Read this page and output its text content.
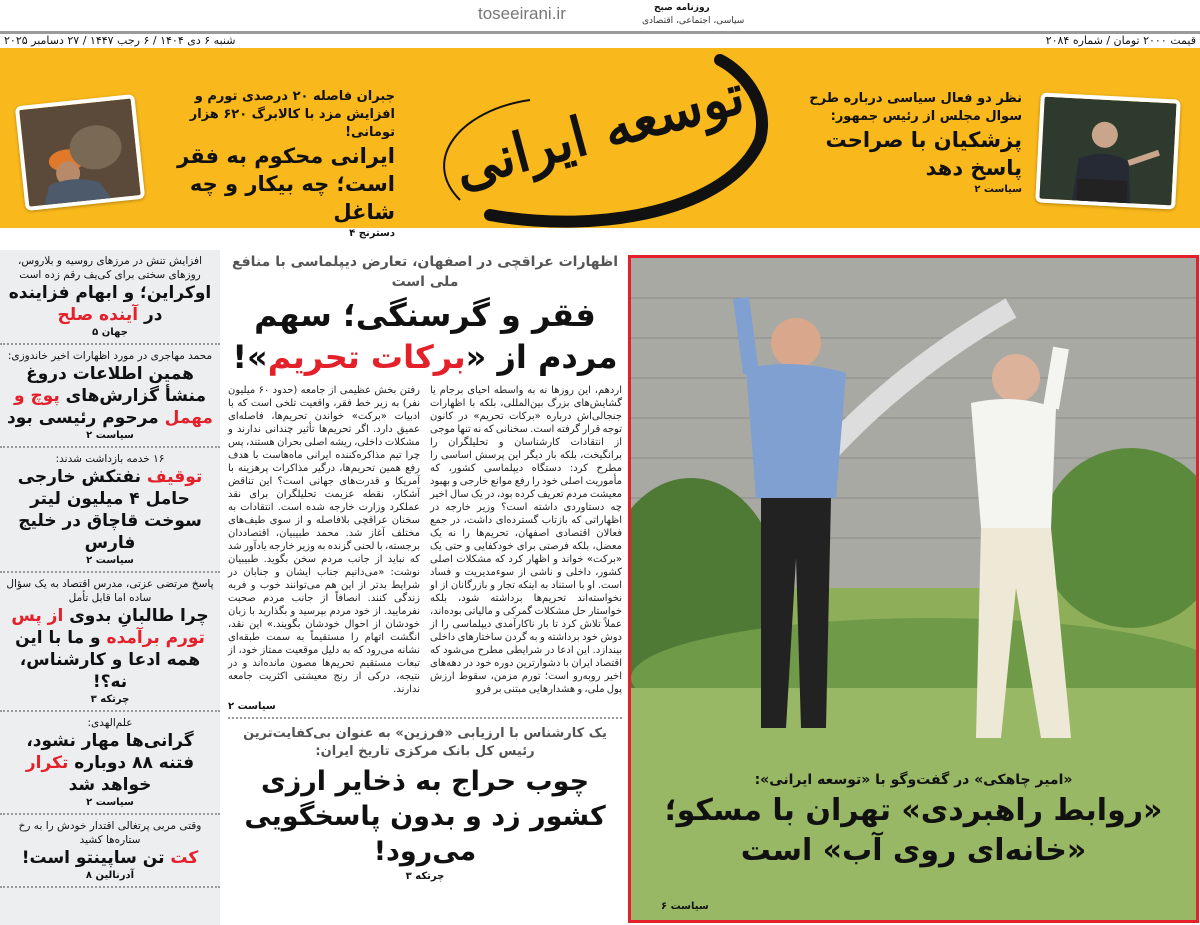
قیمت ۲۰۰۰ تومان / شماره ۲۰۸۴
شنبه ۶ دی ۱۴۰۴ / ۶ رجب ۱۴۴۷ / ۲۷ دسامبر ۲۰۲۵
توسعه ایرانی
toseeirani.ir	روزنامه صبح
سیاسی، اجتماعی، اقتصادی
نظر دو فعال سیاسی درباره طرح سوال مجلس از رئیس جمهور:
پزشکیان با صراحت پاسخ دهد
سیاست ۲
جبران فاصله ۲۰ درصدی تورم و افزایش مزد با کالابرگ ۶۲۰ هزار تومانی!
ایرانی محکوم به فقر است؛ چه بیکار و چه شاغل
دسترنج ۴
افزایش تنش در مرزهای روسیه و بلاروس، روزهای سختی برای کی‌یف رقم زده است
اوکراین؛ و ابهام فزاینده در آینده صلح
جهان ۵
محمد مهاجری در مورد اظهارات اخیر خاندوزی:
همین اطلاعات دروغ منشأ گزارش‌های پوچ و مهمل مرحوم رئیسی بود
سیاست ۲
۱۶ خدمه بازداشت شدند:
توقیف نفتکش خارجی حامل ۴ میلیون لیتر سوخت قاچاق در خلیج فارس
سیاست ۲
پاسخ مرتضی عزتی، مدرس اقتصاد به یک سؤال ساده اما قابل تأمل
چرا طالبانِ بدوی از پس تورم برآمده و ما با این همه ادعا و کارشناس، نه؟!
چرتکه ۳
علم‌الهدی:
گرانی‌ها مهار نشود، فتنه ۸۸ دوباره تکرار خواهد شد
سیاست ۲
وقتی مربی پرتغالی اقتدار خودش را به رخ ستاره‌ها کشید
کت تن ساپینتو است!
آدرنالین ۸
اظهارات عراقچی در اصفهان، تعارض دیپلماسی با منافع ملی است
فقر و گرسنگی؛ سهم مردم از «برکات تحریم»!

اردهم، این روزها نه به واسطه احیای برجام یا گشایش‌های بزرگ بین‌المللی، بلکه با اظهارات جنجالی‌اش درباره «برکات تحریم» در کانون توجه قرار گرفته است. سخنانی که نه تنها موجی از انتقادات کارشناسان و تحلیلگران را برانگیخت، بلکه بار دیگر این پرسش اساسی را مطرح کرد: دستگاه دیپلماسی کشور، که مأموریت اصلی خود را رفع موانع خارجی و بهبود معیشت مردم تعریف کرده بود، در یک سال اخیر چه دستاوردی داشته است؟ وزیر خارجه در اظهاراتی که بازتاب گسترده‌ای داشت، در جمع فعالان اقتصادی اصفهان، تحریم‌ها را نه یک معضل، بلکه فرصتی برای خودکفایی و حتی یک «برکت» خواند و اظهار کرد که مشکلات اصلی کشور، داخلی و ناشی از سوءمدیریت و فساد است. او با استناد به اینکه تجار و بازرگانان از او نخواسته‌اند تحریم‌ها برداشته شود، بلکه خواستار حل مشکلات گمرکی و مالیاتی بوده‌اند، عملاً تلاش کرد تا بار ناکارآمدی دیپلماسی را از دوش خود برداشته و به گردن ساختارهای داخلی بیندازد. این ادعا در شرایطی مطرح می‌شود که اقتصاد ایران با دشوارترین دوره خود در دهه‌های اخیر روبه‌رو است؛ تورم مزمن، سقوط ارزش پول ملی، و هشدارهایی مبتنی بر فرو

رفتن بخش عظیمی از جامعه (حدود ۶۰ میلیون نفر) به زیر خط فقر، واقعیت تلخی است که با ادبیات «برکت» خواندن تحریم‌ها، فاصله‌ای عمیق دارد. اگر تحریم‌ها تأثیر چندانی ندارند و مشکلات داخلی، ریشه اصلی بحران هستند، پس چرا تیم مذاکره‌کننده ایرانی ماه‌هاست با هدف رفع همین تحریم‌ها، درگیر مذاکرات پرهزینه با آمریکا و قدرت‌های جهانی است؟ این تناقض آشکار، نقطه عزیمت تحلیلگران برای نقد عملکرد وزارت خارجه شده است. انتقادات به سخنان عراقچی بلافاصله و از سوی طیف‌های مختلف آغاز شد. محمد طبیبیان، اقتصاددان برجسته، با لحنی گزنده به وزیر خارجه یادآور شد که نباید از جانب مردم سخن بگوید. طبیبیان نوشت: «می‌دانیم جناب ایشان و جنابان در شرایط بدتر از این هم می‌توانند خوب و فربه زندگی کنند. انصافاً از جانب مردم صحبت نفرمایید. از خود مردم بپرسید و بگذارید با زبان خودشان از احوال خودشان بگویند.» این نقد، انگشت اتهام را مستقیماً به سمت طبقه‌ای نشانه می‌رود که به دلیل موقعیت ممتاز خود، از تبعات مستقیم تحریم‌ها مصون مانده‌اند و در نتیجه، درکی از رنج معیشتی اکثریت جامعه ندارند.

سیاست ۲
یک کارشناس با ارزیابی «فرزین» به عنوان بی‌کفایت‌ترین رئیس کل بانک مرکزی تاریخ ایران:
چوب حراج به ذخایر ارزی کشور زد و بدون پاسخگویی می‌رود!
چرتکه ۳
«امیر چاهکی» در گفت‌وگو با «توسعه ایرانی»:
«روابط راهبردی» تهران با مسکو؛
«خانه‌ای روی آب» است
سیاست ۶
